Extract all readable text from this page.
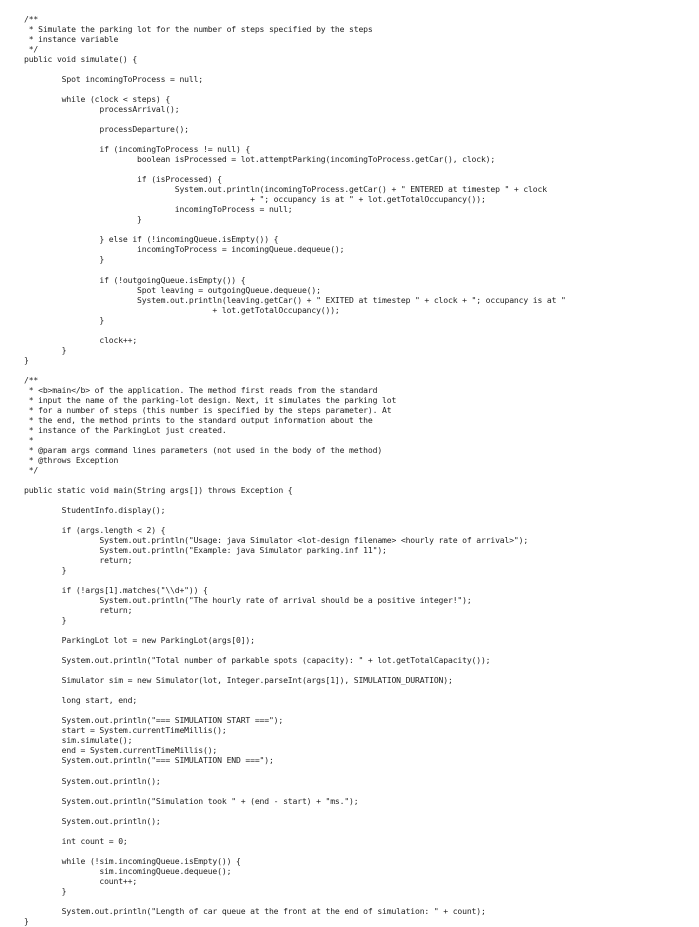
/**
* Simulate the parking lot for the number of steps specified by the steps
* instance variable
*/
public void simulate() {
Spot incomingToProcess = null;
while (clock < steps) {
processArrival();
processDeparture();
if (incomingToProcess != null) {
boolean isProcessed = lot.attemptParking(incomingToProcess.getCar(), clock);
if (isProcessed) {
System.out.println(incomingToProcess.getCar() + " ENTERED at timestep " + clock
+ "; occupancy is at " + lot.getTotalOccupancy());
incomingToProcess = null;
}
} else if (!incomingQueue.isEmpty()) {
incomingToProcess = incomingQueue.dequeue();
}
if (!outgoingQueue.isEmpty()) {
Spot leaving = outgoingQueue.dequeue();
System.out.println(leaving.getCar() + " EXITED at timestep " + clock + "; occupancy is at "
+ lot.getTotalOccupancy());
}
clock++;
}
}
/**
* <b>main</b> of the application. The method first reads from the standard
* input the name of the parking-lot design. Next, it simulates the parking lot
* for a number of steps (this number is specified by the steps parameter). At
* the end, the method prints to the standard output information about the
* instance of the ParkingLot just created.
*
* @param args command lines parameters (not used in the body of the method)
* @throws Exception
*/
public static void main(String args[]) throws Exception {
StudentInfo.display();
if (args.length < 2) {
System.out.println("Usage: java Simulator <lot-design filename> <hourly rate of arrival>");
System.out.println("Example: java Simulator parking.inf 11");
return;
}
if (!args[1].matches("\\d+")) {
System.out.println("The hourly rate of arrival should be a positive integer!");
return;
}
ParkingLot lot = new ParkingLot(args[0]);
System.out.println("Total number of parkable spots (capacity): " + lot.getTotalCapacity());
Simulator sim = new Simulator(lot, Integer.parseInt(args[1]), SIMULATION_DURATION);
long start, end;
System.out.println("=== SIMULATION START ===");
start = System.currentTimeMillis();
sim.simulate();
end = System.currentTimeMillis();
System.out.println("=== SIMULATION END ===");
System.out.println();
System.out.println("Simulation took " + (end - start) + "ms.");
System.out.println();
int count = 0;
while (!sim.incomingQueue.isEmpty()) {
sim.incomingQueue.dequeue();
count++;
}
System.out.println("Length of car queue at the front at the end of simulation: " + count);
}
